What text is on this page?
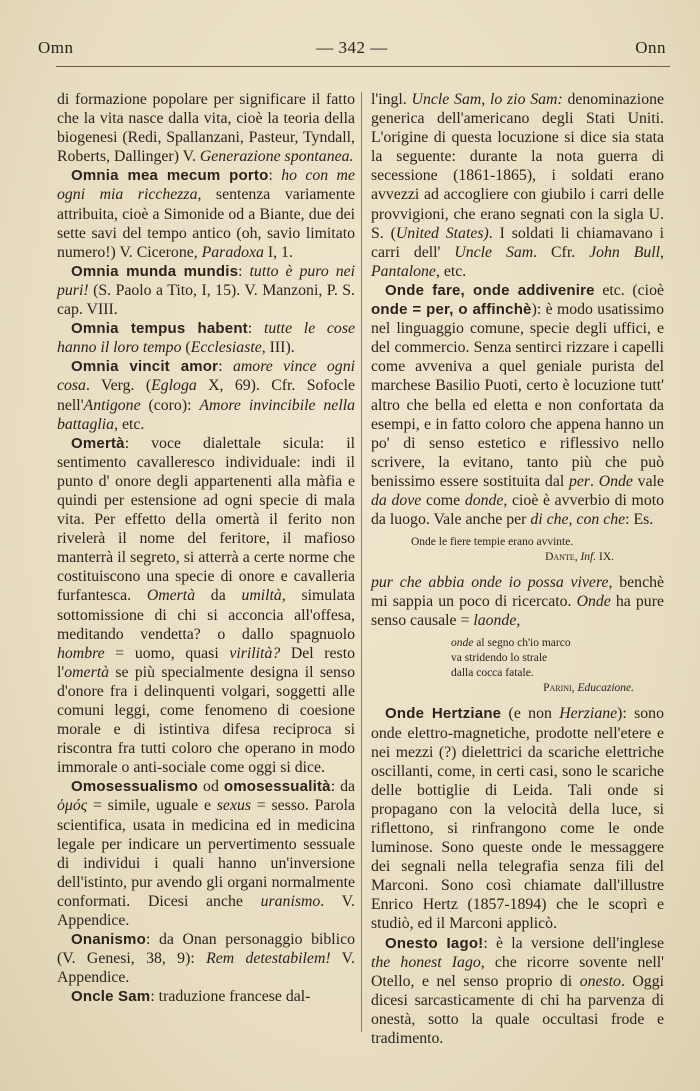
Omn	— 342 —	Onn

di formazione popolare per significare il fatto che la vita nasce dalla vita, cioè la teoria della biogenesi (Redi, Spallanzani, Pasteur, Tyndall, Roberts, Dallinger) V. Generazione spontanea.

Omnia mea mecum porto: ho con me ogni mia ricchezza, sentenza variamente attribuita, cioè a Simonide od a Biante, due dei sette savi del tempo antico (oh, savio limitato numero!) V. Cicerone, Paradoxa I, 1.

Omnia munda mundis: tutto è puro nei puri! (S. Paolo a Tito, I, 15). V. Manzoni, P. S. cap. VIII.

Omnia tempus habent: tutte le cose hanno il loro tempo (Ecclesiaste, III).

Omnia vincit amor: amore vince ogni cosa. Verg. (Egloga X, 69). Cfr. Sofocle nell'Antigone (coro): Amore invincibile nella battaglia, etc.

Omertà: voce dialettale sicula: il sentimento cavalleresco individuale: indi il punto d' onore degli appartenenti alla màfia e quindi per estensione ad ogni specie di mala vita. Per effetto della omertà il ferito non rivelerà il nome del feritore, il mafioso manterrà il segreto, si atterrà a certe norme che costituiscono una specie di onore e cavalleria furfantesca. Omertà da umiltà, simulata sottomissione di chi si acconcia all'offesa, meditando vendetta? o dallo spagnuolo hombre = uomo, quasi virilità? Del resto l'omertà se più specialmente designa il senso d'onore fra i delinquenti volgari, soggetti alle comuni leggi, come fenomeno di coesione morale e di istintiva difesa reciproca si riscontra fra tutti coloro che operano in modo immorale o anti-sociale come oggi si dice.

Omosessualismo od omosessualità: da ὁμός = simile, uguale e sexus = sesso. Parola scientifica, usata in medicina ed in medicina legale per indicare un pervertimento sessuale di individui i quali hanno un'inversione dell'istinto, pur avendo gli organi normalmente conformati. Dicesi anche uranismo. V. Appendice.

Onanismo: da Onan personaggio biblico (V. Genesi, 38, 9): Rem detestabilem! V. Appendice.

Oncle Sam: traduzione francese dal-

l'ingl. Uncle Sam, lo zio Sam: denominazione generica dell'americano degli Stati Uniti. L'origine di questa locuzione si dice sia stata la seguente: durante la nota guerra di secessione (1861-1865), i soldati erano avvezzi ad accogliere con giubilo i carri delle provvigioni, che erano segnati con la sigla U. S. (United States). I soldati li chiamavano i carri dell' Uncle Sam. Cfr. John Bull, Pantalone, etc.

Onde fare, onde addivenire etc. (cioè onde = per, o affinchè): è modo usatissimo nel linguaggio comune, specie degli uffici, e del commercio. Senza sentirci rizzare i capelli come avveniva a quel geniale purista del marchese Basilio Puoti, certo è locuzione tutt' altro che bella ed eletta e non confortata da esempi, e in fatto coloro che appena hanno un po' di senso estetico e riflessivo nello scrivere, la evitano, tanto più che può benissimo essere sostituita dal per. Onde vale da dove come donde, cioè è avverbio di moto da luogo. Vale anche per di che, con che: Es.

Onde le fiere tempie erano avvinte.
Dante, Inf. IX.

pur che abbia onde io possa vivere, benchè mi sappia un poco di ricercato. Onde ha pure senso causale = laonde,

onde al segno ch'io marco
va stridendo lo strale
dalla cocca fatale.
Parini, Educazione.

Onde Hertziane (e non Herziane): sono onde elettro-magnetiche, prodotte nell'etere e nei mezzi (?) dielettrici da scariche elettriche oscillanti, come, in certi casi, sono le scariche delle bottiglie di Leida. Tali onde si propagano con la velocità della luce, si riflettono, si rinfrangono come le onde luminose. Sono queste onde le messaggere dei segnali nella telegrafia senza fili del Marconi. Sono così chiamate dall'illustre Enrico Hertz (1857-1894) che le scoprì e studiò, ed il Marconi applicò.

Onesto Iago!: è la versione dell'inglese the honest Iago, che ricorre sovente nell' Otello, e nel senso proprio di onesto. Oggi dicesi sarcasticamente di chi ha parvenza di onestà, sotto la quale occultasi frode e tradimento.
